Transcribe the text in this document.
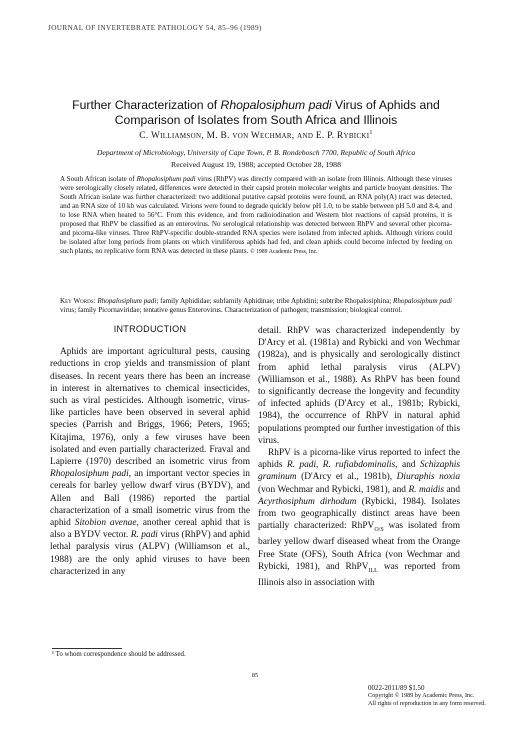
JOURNAL OF INVERTEBRATE PATHOLOGY 54, 85–96 (1989)
Further Characterization of Rhopalosiphum padi Virus of Aphids and
Comparison of Isolates from South Africa and Illinois
C. Williamson, M. B. von Wechmar, and E. P. Rybicki$^1$
Department of Microbiology, University of Cape Town, P. B. Rondebosch 7700, Republic of South Africa
Received August 19, 1988; accepted October 28, 1988
A South African isolate of Rhopalosiphum padi virus (RhPV) was directly compared with an isolate from Illinois. Although these viruses were serologically closely related, differences were detected in their capsid protein molecular weights and particle buoyant densities. The South African isolate was further characterized: two additional putative capsid proteins were found, an RNA poly(A) tract was detected, and an RNA size of 10 kb was calculated. Virions were found to degrade quickly below pH 1.0, to be stable between pH 5.0 and 8.4, and to lose RNA when heated to 56°C. From this evidence, and from radioiodination and Western blot reactions of capsid proteins, it is proposed that RhPV be classified as an enterovirus. No serological relationship was detected between RhPV and several other picorna- and picorna-like viruses. Three RhPV-specific double-stranded RNA species were isolated from infected aphids. Although virions could be isolated after long periods from plants on which viruliferous aphids had fed, and clean aphids could become infected by feeding on such plants, no replicative form RNA was detected in these plants. © 1989 Academic Press, Inc.
Key Words: Rhopalosiphum padi; family Aphididae; subfamily Aphidinae; tribe Aphidini; subtribe Rhopalosiphina; Rhopalosiphum padi virus; family Picornaviridae; tentative genus Enterovirus. Characterization of pathogen; transmission; biological control.

INTRODUCTION

Aphids are important agricultural pests, causing reductions in crop yields and transmission of plant diseases. In recent years there has been an increase in interest in alternatives to chemical insecticides, such as viral pesticides. Although isometric, virus-like particles have been observed in several aphid species (Parrish and Briggs, 1966; Peters, 1965; Kitajima, 1976), only a few viruses have been isolated and even partially characterized. Fraval and Lapierre (1970) described an isometric virus from Rhopalosiphum padi, an important vector species in cereals for barley yellow dwarf virus (BYDV), and Allen and Ball (1986) reported the partial characterization of a small isometric virus from the aphid Sitobion avenae, another cereal aphid that is also a BYDV vector. R. padi virus (RhPV) and aphid lethal paralysis virus (ALPV) (Williamson et al., 1988) are the only aphid viruses to have been characterized in any

detail. RhPV was characterized independently by D'Arcy et al. (1981a) and Rybicki and von Wechmar (1982a), and is physically and serologically distinct from aphid lethal paralysis virus (ALPV) (Williamson et al., 1988). As RhPV has been found to significantly decrease the longevity and fecundity of infected aphids (D'Arcy et al., 1981b; Rybicki, 1984), the occurrence of RhPV in natural aphid populations prompted our further investigation of this virus.

RhPV is a picorna-like virus reported to infect the aphids R. padi, R. rufiabdominalis, and Schizaphis graminum (D'Arcy et al., 1981b), Diuraphis noxia (von Wechmar and Rybicki, 1981), and R. maidis and Acyrthosiphum dirhodum (Rybicki, 1984). Isolates from two geographically distinct areas have been partially characterized: RhPV$_{O/S}$ was isolated from barley yellow dwarf diseased wheat from the Orange Free State (OFS), South Africa (von Wechmar and Rybicki, 1981), and RhPV$_{ILL}$ was reported from Illinois also in association with

¹ To whom correspondence should be addressed.
85
0022-2011/89 $1.50
Copyright © 1989 by Academic Press, Inc.
All rights of reproduction in any form reserved.
